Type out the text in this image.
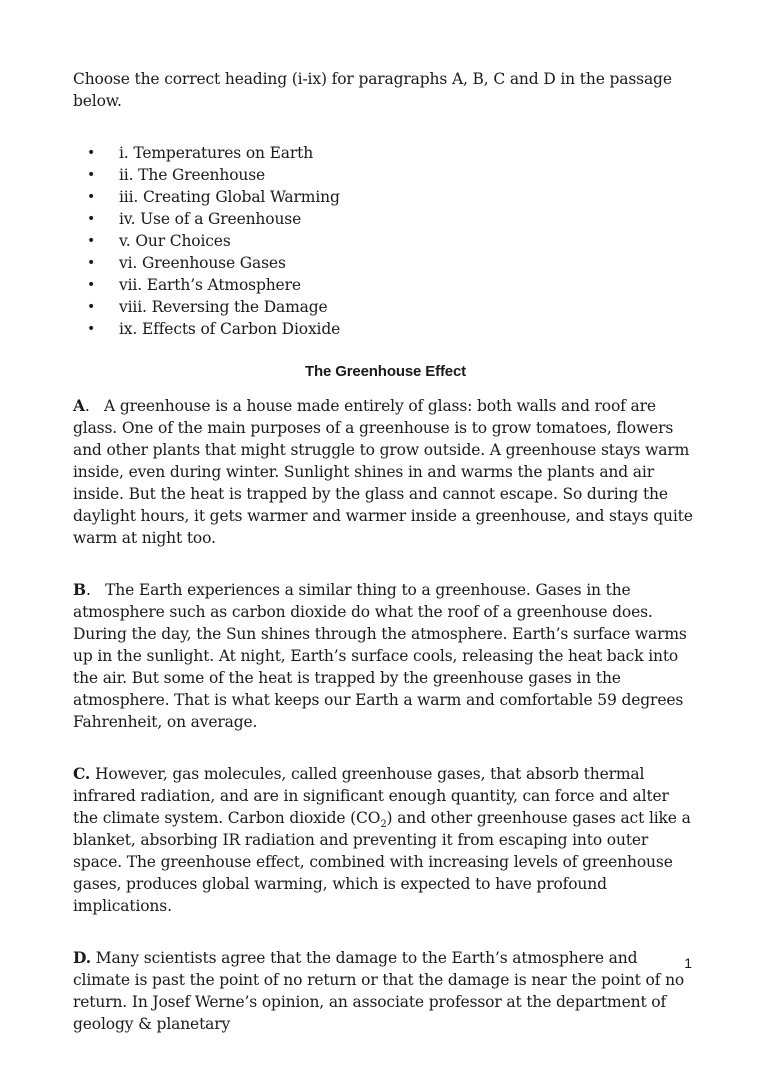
Choose the correct heading (i-ix) for paragraphs A, B, C and D in the passage below.

• i. Temperatures on Earth
• ii. The Greenhouse
• iii. Creating Global Warming
• iv. Use of a Greenhouse
• v. Our Choices
• vi. Greenhouse Gases
• vii. Earth’s Atmosphere
• viii. Reversing the Damage
• ix. Effects of Carbon Dioxide
The Greenhouse Effect

A. A greenhouse is a house made entirely of glass: both walls and roof are glass. One of the main purposes of a greenhouse is to grow tomatoes, flowers and other plants that might struggle to grow outside. A greenhouse stays warm inside, even during winter. Sunlight shines in and warms the plants and air inside. But the heat is trapped by the glass and cannot escape. So during the daylight hours, it gets warmer and warmer inside a greenhouse, and stays quite warm at night too.

B. The Earth experiences a similar thing to a greenhouse. Gases in the atmosphere such as carbon dioxide do what the roof of a greenhouse does. During the day, the Sun shines through the atmosphere. Earth’s surface warms up in the sunlight. At night, Earth’s surface cools, releasing the heat back into the air. But some of the heat is trapped by the greenhouse gases in the atmosphere. That is what keeps our Earth a warm and comfortable 59 degrees Fahrenheit, on average.

C. However, gas molecules, called greenhouse gases, that absorb thermal infrared radiation, and are in significant enough quantity, can force and alter the climate system. Carbon dioxide $(CO_2)$ and other greenhouse gases act like a blanket, absorbing IR radiation and preventing it from escaping into outer space. The greenhouse effect, combined with increasing levels of greenhouse gases, produces global warming, which is expected to have profound implications.

D. Many scientists agree that the damage to the Earth’s atmosphere and climate is past the point of no return or that the damage is near the point of no return. In Josef Werne’s opinion, an associate professor at the department of geology & planetary

1
